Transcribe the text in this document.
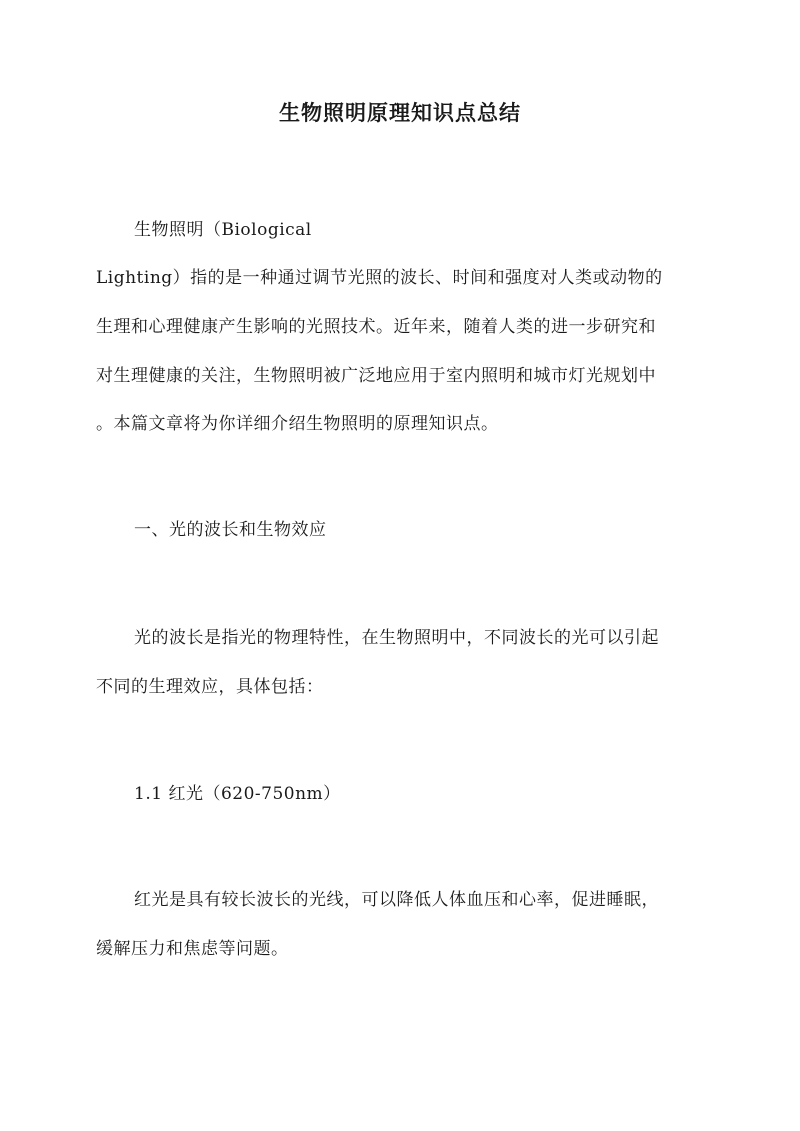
生物照明原理知识点总结

生物照明（Biological

Lighting）指的是一种通过调节光照的波长、时间和强度对人类或动物的

生理和心理健康产生影响的光照技术。近年来，随着人类的进一步研究和

对生理健康的关注，生物照明被广泛地应用于室内照明和城市灯光规划中

。本篇文章将为你详细介绍生物照明的原理知识点。

一、光的波长和生物效应

光的波长是指光的物理特性，在生物照明中，不同波长的光可以引起

不同的生理效应，具体包括：

1.1 红光（620-750nm）

红光是具有较长波长的光线，可以降低人体血压和心率，促进睡眠，

缓解压力和焦虑等问题。
